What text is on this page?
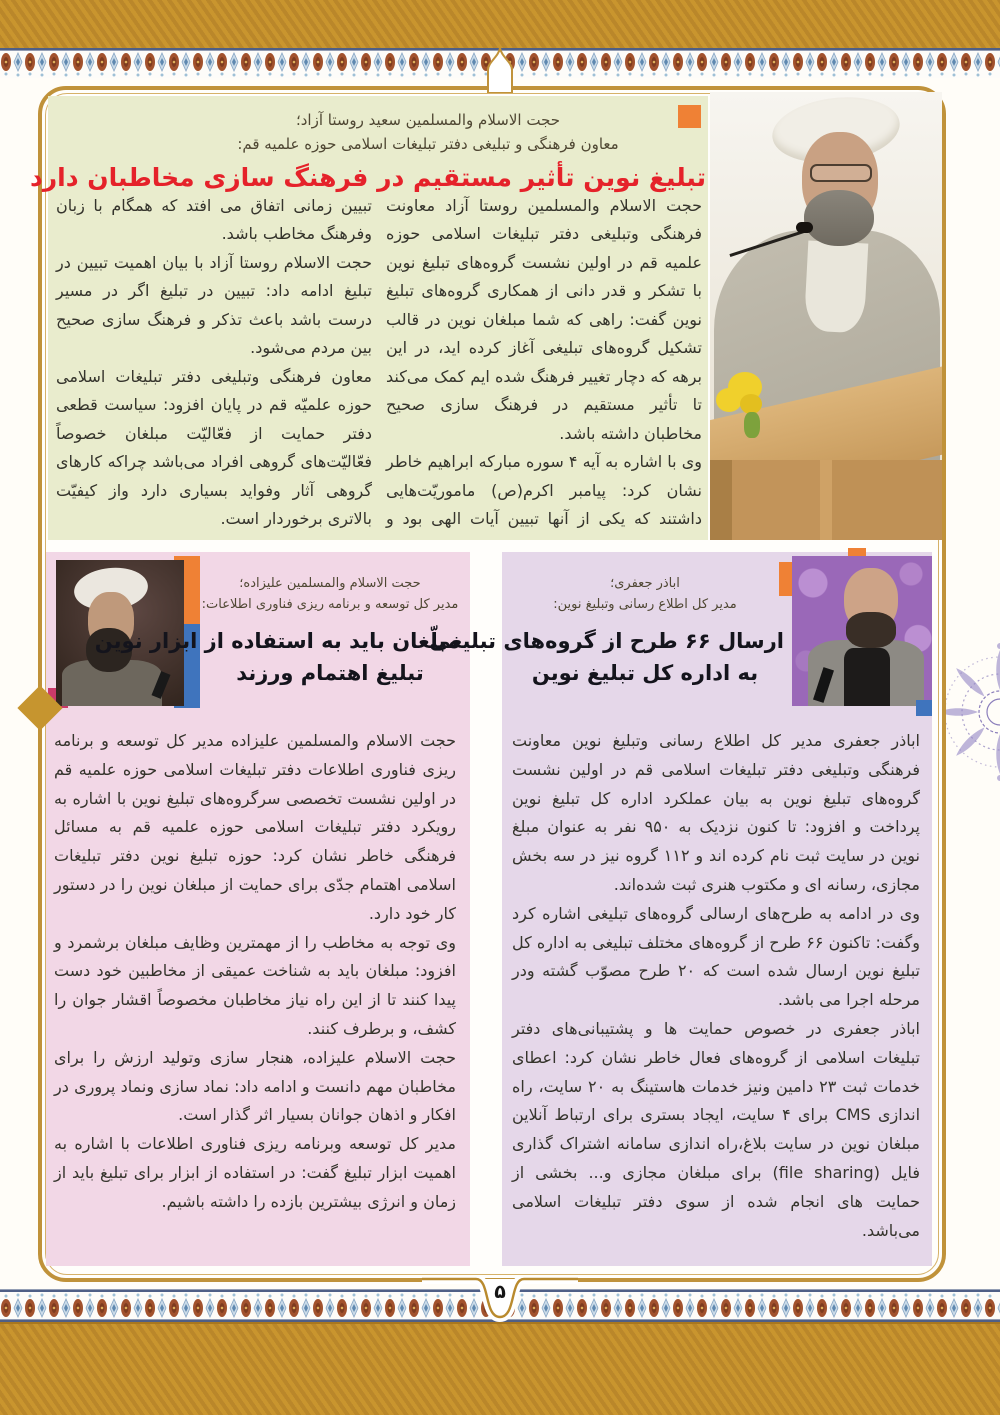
۵
حجت الاسلام والمسلمین سعید روستا آزاد؛
معاون فرهنگی و تبلیغی دفتر تبلیغات اسلامی حوزه علمیه قم:
تبلیغ نوین تأثیر مستقیم در فرهنگ سازی مخاطبان دارد

حجت الاسلام والمسلمین روستا آزاد معاونت فرهنگی وتبلیغی دفتر تبلیغات اسلامی حوزه علمیه قم در اولین نشست گروه‌های تبلیغ نوین با تشکر و قدر دانی از همکاری گروه‌های تبلیغ نوین گفت: راهی که شما مبلغان نوین در قالب تشکیل گروه‌های تبلیغی آغاز کرده اید، در این برهه که دچار تغییر فرهنگ شده ایم کمک می‌کند تا تأثیر مستقیم در فرهنگ سازی صحیح مخاطبان داشته باشد.

وی با اشاره به آیه ۴ سوره مبارکه ابراهیم خاطر نشان کرد: پیامبر اکرم(ص) ماموریّت‌هایی داشتند که یکی از آنها تبیین آیات الهی بود و تبیین زمانی اتفاق می افتد که همگام با زبان وفرهنگ مخاطب باشد.

حجت الاسلام روستا آزاد با بیان اهمیت تبیین در تبلیغ ادامه داد: تبیین در تبلیغ اگر در مسیر درست باشد باعث تذکر و فرهنگ سازی صحیح بین مردم می‌شود.

معاون فرهنگی وتبلیغی دفتر تبلیغات اسلامی حوزه علمیّه قم در پایان افزود: سیاست قطعی دفتر حمایت از فعّالیّت مبلغان خصوصاً فعّالیّت‌های گروهی افراد می‌باشد چراکه کارهای گروهی آثار وفواید بسیاری دارد واز کیفیّت بالاتری برخوردار است.

حجت الاسلام والمسلمین علیزاده؛
مدیر کل توسعه و برنامه ریزی فناوری اطلاعات:
مبلّغان باید به استفاده از ابزار نوین
تبلیغ اهتمام ورزند

حجت الاسلام والمسلمین علیزاده مدیر کل توسعه و برنامه ریزی فناوری اطلاعات دفتر تبلیغات اسلامی حوزه علمیه قم در اولین نشست تخصصی سرگروه‌های تبلیغ نوین با اشاره به رویکرد دفتر تبلیغات اسلامی حوزه علمیه قم به مسائل فرهنگی خاطر نشان کرد: حوزه تبلیغ نوین دفتر تبلیغات اسلامی اهتمام جدّی برای حمایت از مبلغان نوین را در دستور کار خود دارد.

وی توجه به مخاطب را از مهمترین وظایف مبلغان برشمرد و افزود: مبلغان باید به شناخت عمیقی از مخاطبین خود دست پیدا کنند تا از این راه نیاز مخاطبان مخصوصاً اقشار جوان را کشف، و برطرف کنند.

حجت الاسلام علیزاده، هنجار سازی وتولید ارزش را برای مخاطبان مهم دانست و ادامه داد: نماد سازی ونماد پروری در افکار و اذهان جوانان بسیار اثر گذار است.

مدیر کل توسعه وبرنامه ریزی فناوری اطلاعات با اشاره به اهمیت ابزار تبلیغ گفت: در استفاده از ابزار برای تبلیغ باید از زمان و انرژی بیشترین بازده را داشته باشیم.

اباذر جعفری؛
مدیر کل اطلاع رسانی وتبلیغ نوین:
ارسال ۶۶ طرح از گروه‌های تبلیغی
به اداره کل تبلیغ نوین

اباذر جعفری مدیر کل اطلاع رسانی وتبلیغ نوین معاونت فرهنگی وتبلیغی دفتر تبلیغات اسلامی قم در اولین نشست گروه‌های تبلیغ نوین به بیان عملکرد اداره کل تبلیغ نوین پرداخت و افزود: تا کنون نزدیک به ۹۵۰ نفر به عنوان مبلغ نوین در سایت ثبت نام کرده اند و ۱۱۲ گروه نیز در سه بخش مجازی، رسانه ای و مکتوب هنری ثبت شده‌اند.

وی در ادامه به طرح‌های ارسالی گروه‌های تبلیغی اشاره کرد وگفت: تاکنون ۶۶ طرح از گروه‌های مختلف تبلیغی به اداره کل تبلیغ نوین ارسال شده است که ۲۰ طرح مصوّب گشته ودر مرحله اجرا می باشد.

اباذر جعفری در خصوص حمایت ها و پشتیبانی‌های دفتر تبلیغات اسلامی از گروه‌های فعال خاطر نشان کرد: اعطای خدمات ثبت ۲۳ دامین ونیز خدمات هاستینگ به ۲۰ سایت، راه اندازی CMS برای ۴ سایت، ایجاد بستری برای ارتباط آنلاین مبلغان نوین در سایت بلاغ،راه اندازی سامانه اشتراک گذاری فایل (file sharing) برای مبلغان مجازی و... بخشی از حمایت های انجام شده از سوی دفتر تبلیغات اسلامی می‌باشد.
